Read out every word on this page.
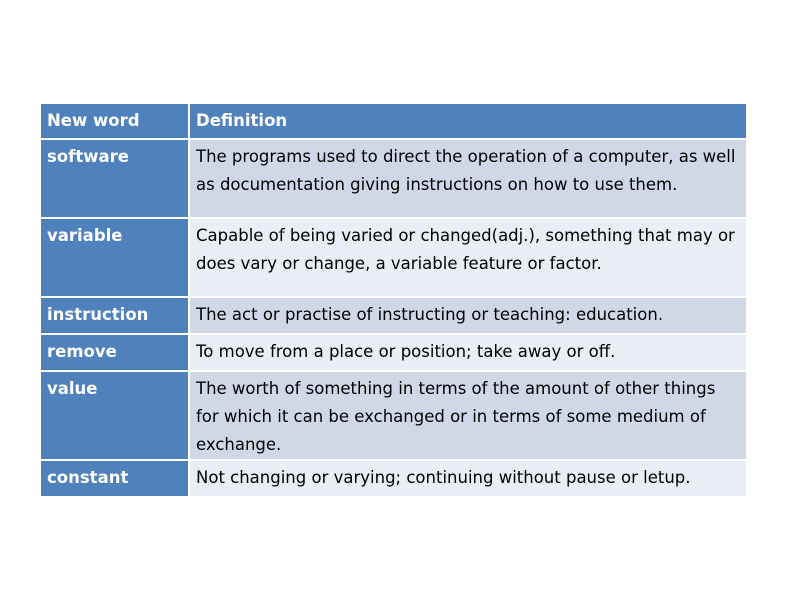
New word	Definition
software	The programs used to direct the operation of a computer, as well as documentation giving instructions on how to use them.
variable	Capable of being varied or changed(adj.), something that may or does vary or change, a variable feature or factor.
instruction	The act or practise of instructing or teaching: education.
remove	To move from a place or position; take away or off.
value	The worth of something in terms of the amount of other things for which it can be exchanged or in terms of some medium of exchange.
constant	Not changing or varying; continuing without pause or letup.
